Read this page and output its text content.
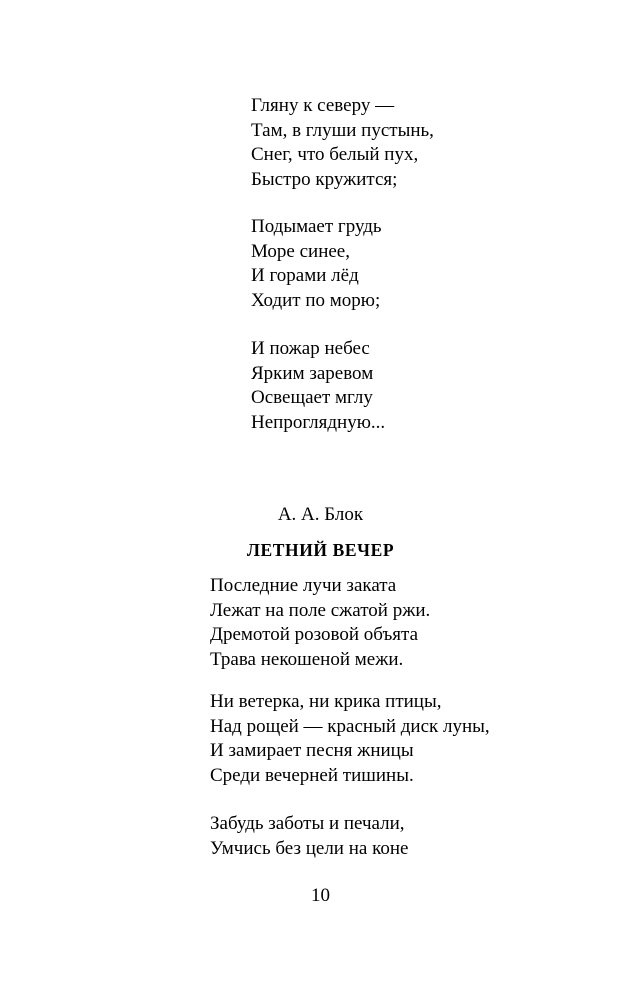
Гляну к северу —
Там, в глуши пустынь,
Снег, что белый пух,
Быстро кружится;
Подымает грудь
Море синее,
И горами лёд
Ходит по морю;
И пожар небес
Ярким заревом
Освещает мглу
Непроглядную...
А. А. Блок
ЛЕТНИЙ ВЕЧЕР
Последние лучи заката
Лежат на поле сжатой ржи.
Дремотой розовой объята
Трава некошеной межи.
Ни ветерка, ни крика птицы,
Над рощей — красный диск луны,
И замирает песня жницы
Среди вечерней тишины.
Забудь заботы и печали,
Умчись без цели на коне
10
